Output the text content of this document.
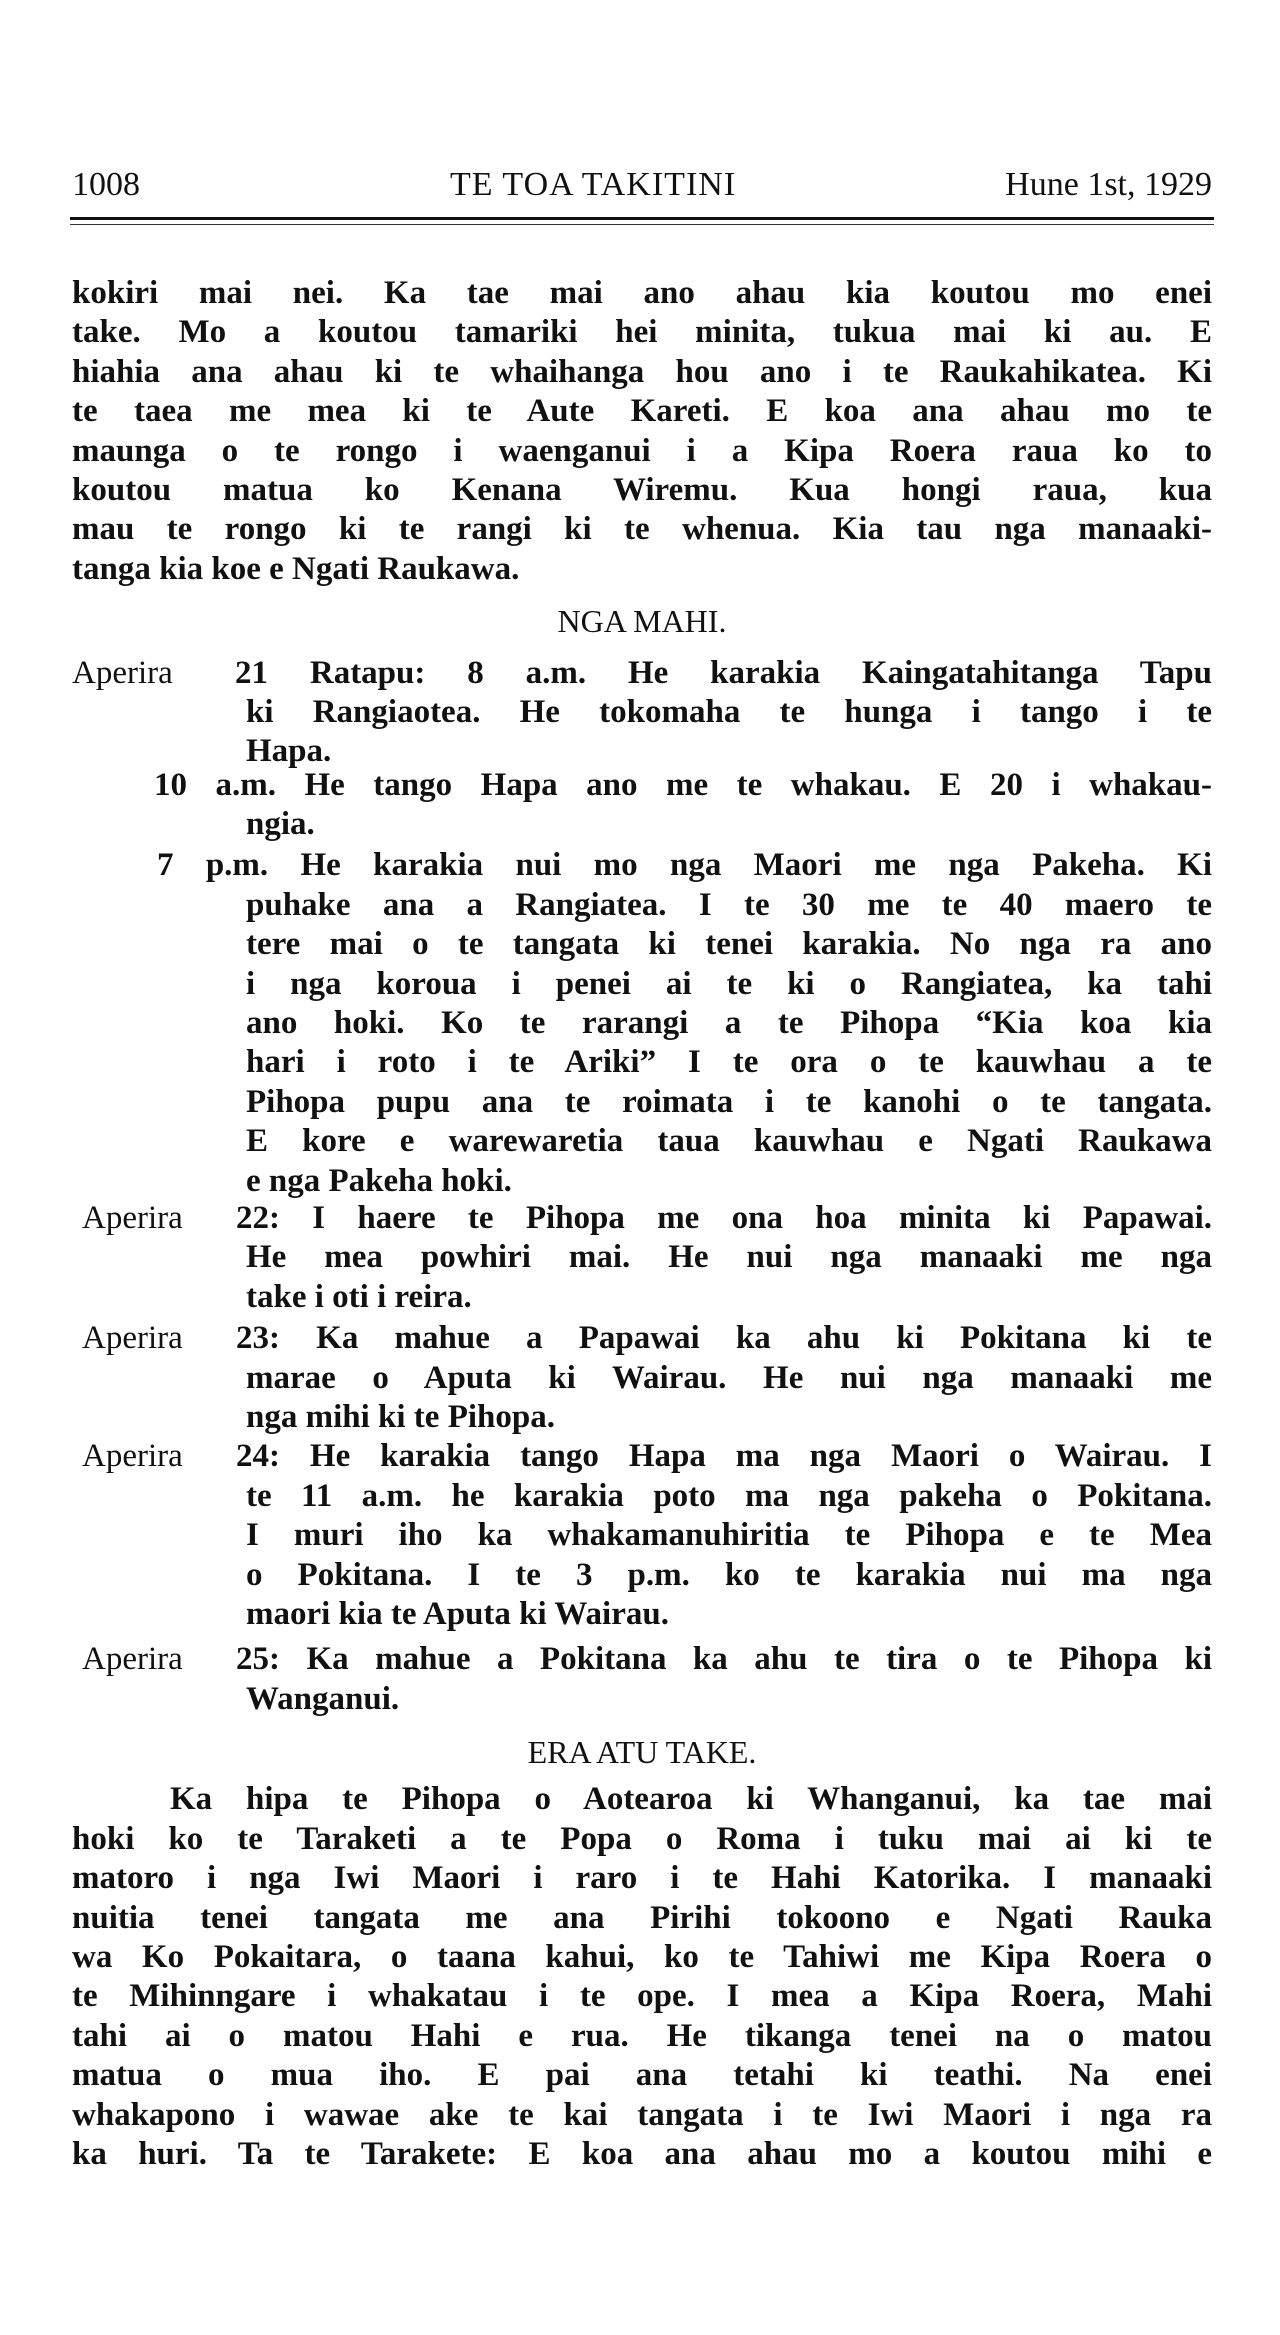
1008	TE TOA TAKITINI	Hune 1st, 1929
kokiri mai nei. Ka tae mai ano ahau kia koutou mo enei
take. Mo a koutou tamariki hei minita, tukua mai ki au. E
hiahia ana ahau ki te whaihanga hou ano i te Raukahikatea. Ki
te taea me mea ki te Aute Kareti. E koa ana ahau mo te
maunga o te rongo i waenganui i a Kipa Roera raua ko to
koutou matua ko Kenana Wiremu. Kua hongi raua, kua
mau te rongo ki te rangi ki te whenua. Kia tau nga manaaki-
tanga kia koe e Ngati Raukawa.
NGA MAHI.
Aperira 21 Ratapu: 8 a.m. He karakia Kaingatahitanga Tapu
ki Rangiaotea. He tokomaha te hunga i tango i te
Hapa.
10 a.m. He tango Hapa ano me te whakau. E 20 i whakau-
ngia.
7 p.m. He karakia nui mo nga Maori me nga Pakeha. Ki
puhake ana a Rangiatea. I te 30 me te 40 maero te
tere mai o te tangata ki tenei karakia. No nga ra ano
i nga koroua i penei ai te ki o Rangiatea, ka tahi
ano hoki. Ko te rarangi a te Pihopa “Kia koa kia
hari i roto i te Ariki” I te ora o te kauwhau a te
Pihopa pupu ana te roimata i te kanohi o te tangata.
E kore e warewaretia taua kauwhau e Ngati Raukawa
e nga Pakeha hoki.
Aperira 22: I haere te Pihopa me ona hoa minita ki Papawai.
He mea powhiri mai. He nui nga manaaki me nga
take i oti i reira.
Aperira 23: Ka mahue a Papawai ka ahu ki Pokitana ki te
marae o Aputa ki Wairau. He nui nga manaaki me
nga mihi ki te Pihopa.
Aperira 24: He karakia tango Hapa ma nga Maori o Wairau. I
te 11 a.m. he karakia poto ma nga pakeha o Pokitana.
I muri iho ka whakamanuhiritia te Pihopa e te Mea
o Pokitana. I te 3 p.m. ko te karakia nui ma nga
maori kia te Aputa ki Wairau.
Aperira 25: Ka mahue a Pokitana ka ahu te tira o te Pihopa ki
Wanganui.
ERA ATU TAKE.
Ka hipa te Pihopa o Aotearoa ki Whanganui, ka tae mai
hoki ko te Taraketi a te Popa o Roma i tuku mai ai ki te
matoro i nga Iwi Maori i raro i te Hahi Katorika. I manaaki
nuitia tenei tangata me ana Pirihi tokoono e Ngati Rauka
wa Ko Pokaitara, o taana kahui, ko te Tahiwi me Kipa Roera o
te Mihinngare i whakatau i te ope. I mea a Kipa Roera, Mahi
tahi ai o matou Hahi e rua. He tikanga tenei na o matou
matua o mua iho. E pai ana tetahi ki teathi. Na enei
whakapono i wawae ake te kai tangata i te Iwi Maori i nga ra
ka huri. Ta te Tarakete: E koa ana ahau mo a koutou mihi e
